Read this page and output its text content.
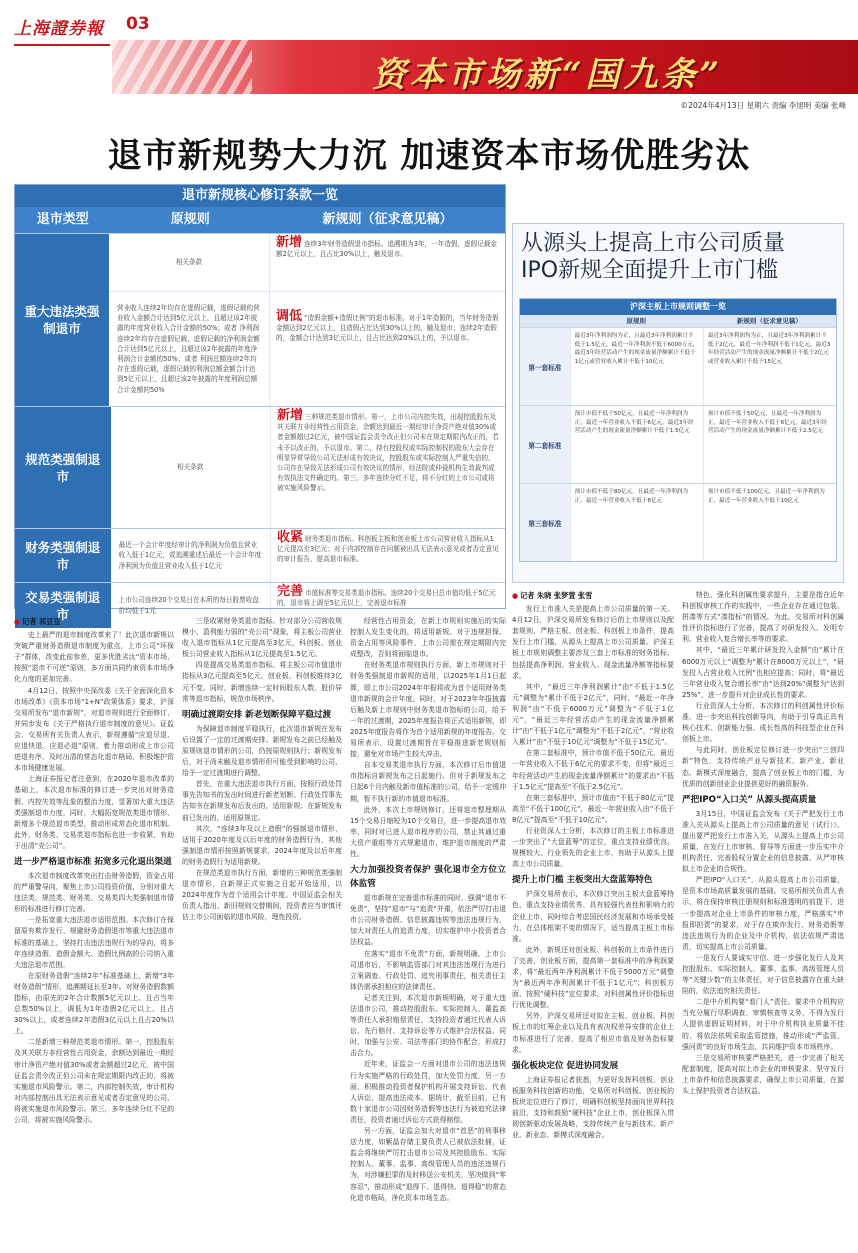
上海證券報 03
资本市场新“国九条”
©2024年4月13日 星期六 责编 李旭明 美编 张峰
退市新规势大力沉 加速资本市场优胜劣汰
退市新规核心修订条款一览
退市类型	原规则	新规则（征求意见稿）
重大违法类强制退市
相关条款
新增 连续3年财务造假退市指标。追溯期为3年，一年造假，虚假记载金额2亿元以上，且占比30%以上，触及退市。
营业收入连续2年均存在虚假记载，虚假记载的营业收入金额合计达到5亿元以上，且超过该2年披露的年度营业收入合计金额的50%；或者 净利润连续2年均存在虚假记载，虚假记载的净利润金额合计达到5亿元以上，且超过该2年披露的年度净利润合计金额的50%；或者 利润总额连续2年均存在虚假记载，虚假记载的利润总额金额合计达到5亿元以上，且超过该2年披露的年度利润总额合计金额的50%
调低 “造假金额+造假比例”的退市标准。对于1年造假的，当年财务造假金额达到2亿元以上，且造假占比达到30%以上的，触及退市；连续2年造假的，金额合计达到3亿元以上，且占比达到20%以上的，予以退市。
规范类强制退市
相关条款
新增 三种规范类退市情形。第一，上市公司内控失效，出现控股股东及其关联方非经营性占用资金，余额达到最近一期经审计净资产绝对值30%或者金额超过2亿元，被中国证监会责令改正但公司未在规定期限内改正的，若未予以改正的，予以退市。第二，持有控股权或实际控制权的股东大会存在明显异常导致公司无法形成有效决议，控股股东或实际控制人严重失信的，公司存在导致无法形成公司有效决议的情形，经法院或仲裁机构生效裁判或有效执法文件确定的。第三，多年连续分红不足，将不分红的上市公司或将被实施风险警示。
财务类强制退市
最近一个会计年度经审计的净利润为负值且营业收入低于1亿元，或追溯重述后最近一个会计年度净利润为负值且营业收入低于1亿元
收紧 财务类退市指标。科创板主板和创业板上市公司营业收入指标从1亿元提高至3亿元；对于内部控制存在问题被出具无法表示意见或者否定意见的审计报告，提高退市标准。
交易类强制退市
上市公司连续20个交易日在本所的每日股票收盘价均低于1元
完善 市值标准等交易类退市指标。连续20个交易日总市值均低于5亿元的，退市将上调至5亿元以上，完善退市标准
从源头上提高上市公司质量 IPO新规全面提升上市门槛
沪深主板上市规则调整一览
原规则	新规则（征求意见稿）
第一套标准
最近3年净利润均为正，且最近3年净利润累计不低于1.5亿元，最近一年净利润不低于6000万元，最近3年经营活动产生的现金流量净额累计不低于1亿元或营业收入累计不低于10亿元
最近3年净利润均为正，且最近3年净利润累计不低于2亿元，最近一年净利润不低于1亿元，最近3年经营活动产生的现金流量净额累计不低于2亿元或营业收入累计不低于15亿元
第二套标准
预计市值不低于50亿元，且最近一年净利润为正，最近一年营业收入不低于6亿元，最近3年经营活动产生的现金流量净额累计不低于1.5亿元
预计市值不低于50亿元，且最近一年净利润为正，最近一年营业收入不低于6亿元，最近3年经营活动产生的现金流量净额累计不低于2.5亿元
第三套标准
预计市值不低于80亿元，且最近一年净利润为正，最近一年营业收入不低于8亿元
预计市值不低于100亿元，且最近一年净利润为正，最近一年营业收入不低于10亿元
● 记者 祁豆豆

史上最严的退市制度改革来了！此次退市新规以突破严重财务造假退市制度为重点，上市公司“环保子”群体，改变此前参差，更多优胜劣汰“资本市场，按照“退市不可逆”原则，多方面共同约束资本市场净化力度的更加完善。

4月12日，按照中央深改委《关于全面深化资本市场改革》《资本市场“1+N”政策体系》要求，沪深交易所发布“退市新规”，对退市规则进行全面修订，并同步发布《关于严格执行退市制度的意见》。证监会、交易所有关负责人表示，新规遵循“应退尽退、应退快退、应退必退”原则，着力推动形成上市公司进退有序、及时出清的常态化退市格局，积极维护资本市场健康发展。

上海证券报记者注意到，在2020年退市改革的基础上，本次退市标准的修订进一步突出对财务造假、内控失效等乱象的整治力度，显著加大重大违法类强制退市力度，同时，大幅拓宽规范类退市情形，新增多个规范退市类型，推动形成常态化退市机制。此外，财务类、交易类退市指标也进一步收紧，有助于出清“壳公司”。

进一步严格退市标准 拓宽多元化退出渠道

本次退市制度改革突出打击财务造假，资金占用的严重警导向，聚焦上市公司投资价值，分别对重大违法类、规范类、财务类、交易类四大类强制退市情形的标准进行修订完善。

一是拓宽重大违法退市适用范围。本次修订在保留原有欺诈发行、规避财务造假退市等重大违法退市标准的基础上，坚持打击违法违规行为的导向，将多年连续造假、造假金额大、造假比例高的公司纳入重大违法退市范围。

在原财务造假“连续2年”标准基础上，新增“3年财务造假”情形，追溯期延长至3年。对财务造假数额指标，由原先的2年合计数额5亿元以上、且占当年总数50%以上，调低为1年造假2亿元以上、且占30%以上，或者连续2年造假3亿元以上且占20%以上。

二是新增三种规范类退市情形。第一，控股股东及其关联方非经营性占用资金，余额达到最近一期经审计净资产绝对值30%或者金额超过2亿元，被中国证监会责令改正但公司未在规定期限内改正的，将被实施退市风险警示。第二，内部控制失效，审计机构对内部控制出具无法表示意见或者否定意见的公司，将被实施退市风险警示。第三，多年连续分红不足的公司，将被实施风险警示。

三是收紧财务类退市指标。针对部分公司营收规模小、盈利能力弱的“壳公司”现象，将主板公司营业收入退市指标从1亿元提高至3亿元，科创板、创业板公司营业收入指标从1亿元提高至1.5亿元。

四是提高交易类退市指标。将主板公司市值退市指标从3亿元提高至5亿元，创业板、科创板维持3亿元不变。同时，新增连续一定时间股东人数、股价异常等退市指标，规范市场秩序。

明确过渡期安排 新老划断保障平稳过渡

为保障退市制度平稳执行，此次退市新规在发布后设置了一定的过渡期安排。新规发布之前已经触及原规则退市情形的公司，仍按原规则执行；新规发布后，对于尚未触及退市情形但可能受到影响的公司，给予一定过渡期进行调整。

首先，在重大违法退市执行方面，按照行政处罚事先告知书的发出时间进行新老划断。行政处罚事先告知书在新规发布后发出的，适用新规；在新规发布前已发出的，适用原规定。

其次，“连续3年及以上造假”的强制退市情形，适用于2020年度及以后年度的财务造假行为，其他强制退市情形按照新规要求，2024年度及以后年度的财务造假行为适用新规。

在规范类退市执行方面，新增的三种规范类强制退市情形，自新规正式实施之日起开始适用，以2024年度作为首个适用会计年度。中国证监会相关负责人指出，新旧规则交替期间，投资者应当审慎评估上市公司面临的退市风险，理性投资。

经营性占用资金，在新上市规则实施后的实际控制人发生变化的，将适用新规。对于违规担保、资金占用等风险事件，上市公司需在规定期限内完成整改，否则将面临退市。

在财务类退市规则执行方面，新上市规则对于财务类强制退市新规的适用，以2025年1月1日起算，即上市公司2024年年报将成为首个适用财务类退市新规的会计年度。同时，对于2023年年报披露后触及新上市规则中财务类退市指标的公司，给予一年的过渡期，2025年度报告将正式适用新规，即2025年度报告将作为首个适用新规的年度报告。交易所表示，设置过渡期旨在平稳推进新老规则衔接，避免对市场产生较大冲击。

自本交易类退市执行方面，本次修订后市值退市指标自新规发布之日起施行。但对于新规发布之日起6个月内触及新市值标准的公司，给予一定缓冲期，暂不执行新的市值退市标准。

此外，本次上市规则修订，还将退市整理期从15个交易日缩短为10个交易日，进一步提高退市效率，同时对已进入退市程序的公司，禁止其通过重大资产重组等方式规避退市，维护退市制度的严肃性。

大力加强投资者保护 强化退市全方位立体监管

退市新规在完善退市标准的同时，强调“退市不免责”，坚持“退市”与“追责”并重，依法严厉打击退市公司财务造假、信息披露违规等违法违规行为，加大对责任人的追责力度，切实维护中小投资者合法权益。

在落实“退市不免责”方面，新规明确，上市公司退市后，不影响监管部门对其违法违规行为进行立案调查、行政处罚、追究刑事责任，相关责任主体仍需承担相应的法律责任。

记者关注到，本次退市新规明确，对于重大违法退市公司，推动控股股东、实际控制人、董监高等责任人承担赔偿责任，支持投资者通过代表人诉讼、先行赔付、支持诉讼等方式维护合法权益。同时，加强与公安、司法等部门的协作配合，形成打击合力。

近年来，证监会一方面对退市公司的违法违规行为实施严格的行政处罚，加大处罚力度，另一方面，积极推动投资者保护机构开展支持诉讼、代表人诉讼，提高违法成本。据统计，截至目前，已有数十家退市公司因财务造假等违法行为被追究法律责任，投资者通过诉讼方式获得赔偿。

另一方面，证监会加大对退市“首恶”的刑事移送力度，如紫晶存储主要负责人已被依法批捕，证监会将继续严厉打击退市公司及其控股股东、实际控制人、董事、监事、高级管理人员的违法违规行为，对涉嫌犯罪的及时移送公安机关，坚决做到“零容忍”，推动形成“退得下、退得快、退得稳”的常态化退市格局，净化资本市场生态。

● 记者 朱晓 张梦萱 张雪

发行上市准入关是提高上市公司质量的第一关。4月12日，沪深交易所发布修订后的上市规则以及配套规则，严格主板、创业板、科创板上市条件，提高发行上市门槛，从源头上提高上市公司质量。沪深主板上市规则调整主要涉及三套上市标准的财务指标，包括提高净利润、营业收入、现金流量净额等指标要求。

其中，“最近三年净利润累计”由“不低于1.5亿元”调整为“累计不低于2亿元”，同时，“最近一年净利润”由“不低于6000万元”调整为“不低于1亿元”，“最近三年经营活动产生的现金流量净额累计”由“不低于1亿元”调整为“不低于2亿元”，“营业收入累计”由“不低于10亿元”调整为“不低于15亿元”。

在第二套标准中，预计市值不低于50亿元、最近一年营业收入不低于6亿元的要求不变，但将“最近三年经营活动产生的现金流量净额累计”的要求由“不低于1.5亿元”提高至“不低于2.5亿元”。

在第三套标准中，预计市值由“不低于80亿元”提高至“不低于100亿元”，最近一年营业收入由“不低于8亿元”提高至“不低于10亿元”。

行业资深人士分析，本次修订的主板上市标准进一步突出了“大盘蓝筹”的定位，重点支持业绩优良、规模较大、行业领先的企业上市，有助于从源头上提高上市公司质量。

提升上市门槛 主板突出大盘蓝筹特色

沪深交易所表示，本次修订突出主板大盘蓝筹特色，重点支持业绩优秀、具有较强代表性和影响力的企业上市，同时综合考虑国民经济发展和市场承受能力，在总体框架不变的情况下，适当提高主板上市标准。

此外，新规还对创业板、科创板的上市条件进行了完善，创业板方面，提高第一套标准中的净利润要求，将“最近两年净利润累计不低于5000万元”调整为“最近两年净利润累计不低于1亿元”；科创板方面，按照“硬科技”定位要求，对科创属性评价指标进行优化调整。

另外，沪深交易所还对拟在主板、创业板、科创板上市的红筹企业以及具有表决权差异安排的企业上市标准进行了完善，提高了相应市值及财务指标要求。

强化板块定位 促进协同发展

上海证券报记者获悉，为更好发挥科创板、创业板服务科技创新的功能，交易所对科创板、创业板的板块定位进行了修订，明确科创板坚持面向世界科技前沿，支持和鼓励“硬科技”企业上市，创业板深入贯彻创新驱动发展战略，支持传统产业与新技术、新产业、新业态、新模式深度融合。

特色、强化科创属性要求提升，主要是指在近年科创板审核工作的实践中，一些企业存在通过包装、拼凑等方式“凑指标”的情况，为此，交易所对科创属性评价指标进行了完善，提高了对研发投入、发明专利、营业收入复合增长率等的要求。

其中，“最近三年累计研发投入金额”由“累计在6000万元以上”调整为“累计在8000万元以上”，“研发投入占营业收入比例”也相应提高；同时，将“最近三年营业收入复合增长率”由“达到20%”调整为“达到25%”，进一步提升对企业成长性的要求。

行业资深人士分析，本次修订的科创属性评价标准，进一步突出科技创新导向，有助于引导真正具有核心技术、创新能力强、成长性高的科技型企业在科创板上市。

与此同时，创业板定位修订进一步突出“三创四新”特色，支持传统产业与新技术、新产业、新业态、新模式深度融合，提高了创业板上市的门槛，为优质的创新创业企业提供更好的融资服务。

严把IPO“入口关” 从源头提高质量

3月15日，中国证监会发布《关于严把发行上市准入关从源头上提高上市公司质量的意见（试行）》，提出要严把发行上市准入关，从源头上提高上市公司质量，在发行上市审核、督导等方面进一步压实中介机构责任，完善股权分置企业的信息披露，从严审核拟上市企业的合规性。

严把IPO“入口关”，从源头提高上市公司质量，是资本市场高质量发展的基础。交易所相关负责人表示，将在保持审核注册规则和标准透明的前提下，进一步提高对企业上市条件的审核力度，严格落实“申报即担责”的要求，对于存在欺诈发行、财务造假等违法违规行为的企业及中介机构，依法依规严肃追责，切实提高上市公司质量。

一是发行人要诚实守信、进一步强化发行人及其控股股东、实际控制人、董事、监事、高级管理人员等“关键少数”的主体责任，对于信息披露存在重大缺陷的，依法追究相关责任。

二是中介机构要“看门人”责任。要求中介机构应当充分履行尽职调查、审慎核查等义务，不得为发行人提供虚假证明材料，对于中介机构执业质量不佳的，将依法依规采取监管措施，推动形成“严监管、强问责”的良好市场生态，共同维护资本市场秩序。

三是交易所审核要严格把关，进一步完善了相关配套制度，提高对拟上市企业的审核要求，坚守发行上市条件和信息披露要求，确保上市公司质量，在源头上保护投资者合法权益。
